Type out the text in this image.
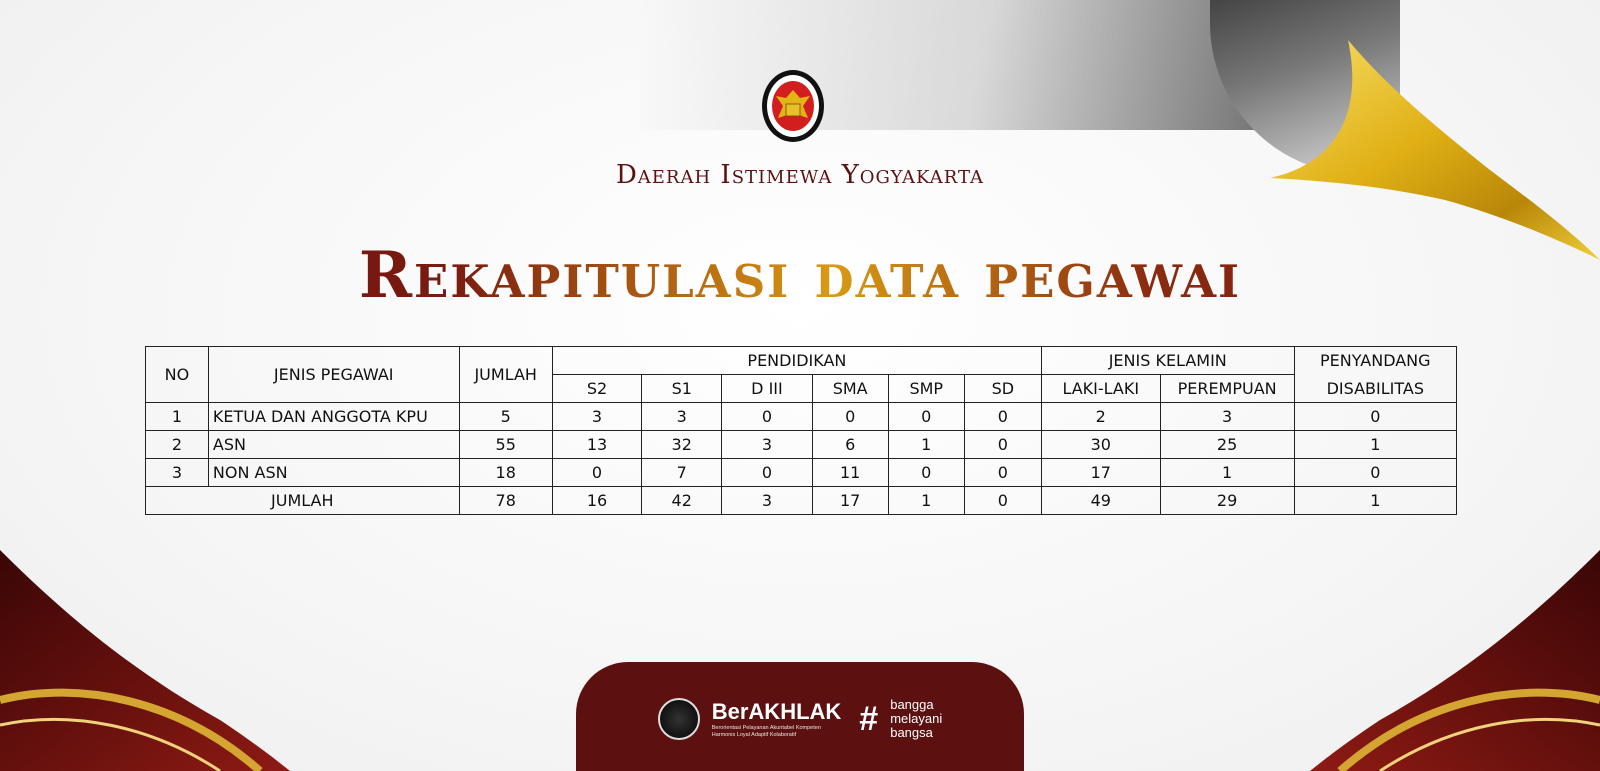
Daerah Istimewa Yogyakarta
Rekapitulasi data pegawai
NO	JENIS PEGAWAI	JUMLAH	PENDIDIKAN						JENIS KELAMIN		PENYANDANG
			S2	S1	D III	SMA	SMP	SD	LAKI-LAKI	PEREMPUAN	DISABILITAS
1	KETUA DAN ANGGOTA KPU	5	3	3	0	0	0	0	2	3	0
2	ASN	55	13	32	3	6	1	0	30	25	1
3	NON ASN	18	0	7	0	11	0	0	17	1	0
JUMLAH		78	16	42	3	17	1	0	49	29	1
BerAKHLAK
Berorientasi Pelayanan Akuntabel Kompeten Harmonis Loyal Adaptif Kolaboratif	# bangga
melayani
bangsa
